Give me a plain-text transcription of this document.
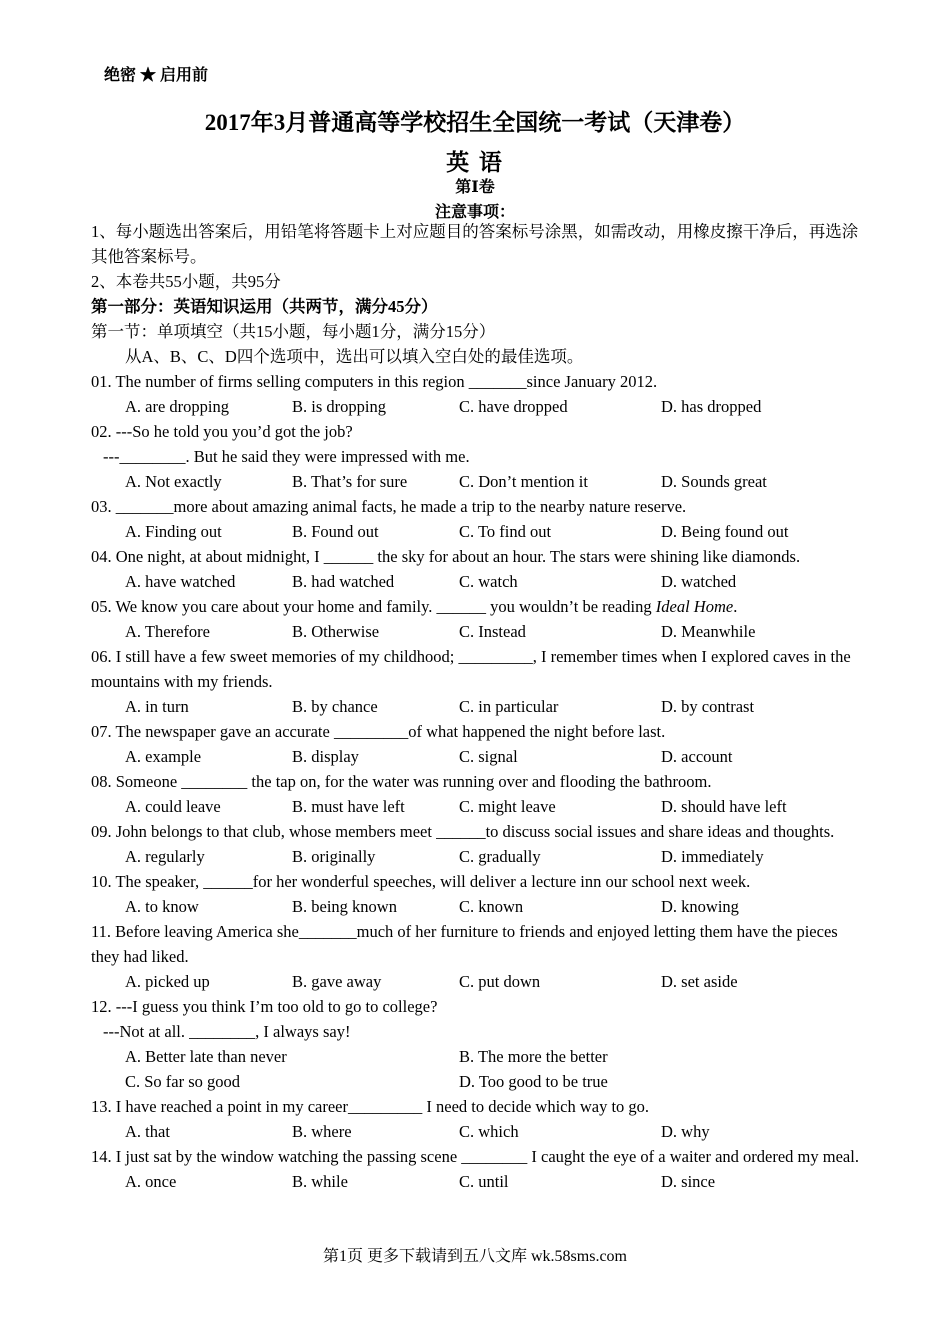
绝密 ★ 启用前
2017年3月普通高等学校招生全国统一考试（天津卷）
英 语
第Ⅰ卷
注意事项：
1、每小题选出答案后，用铅笔将答题卡上对应题目的答案标号涂黑，如需改动，用橡皮擦干净后，再选涂其他答案标号。
2、本卷共55小题，共95分
第一部分：英语知识运用（共两节，满分45分）
第一节：单项填空（共15小题，每小题1分，满分15分）
从A、B、C、D四个选项中，选出可以填入空白处的最佳选项。
01. The number of firms selling computers in this region _______since January 2012.
A. are dropping	B. is dropping	C. have dropped	D. has dropped
02. ---So he told you you’d got the job?
---________. But he said they were impressed with me.
A. Not exactly	B. That’s for sure	C. Don’t mention it	D. Sounds great
03. _______more about amazing animal facts, he made a trip to the nearby nature reserve.
A. Finding out	B. Found out	C. To find out	D. Being found out
04. One night, at about midnight, I ______ the sky for about an hour. The stars were shining like diamonds.
A. have watched	B. had watched	C. watch	D. watched
05. We know you care about your home and family. ______ you wouldn’t be reading Ideal Home.
A. Therefore	B. Otherwise	C. Instead	D. Meanwhile
06. I still have a few sweet memories of my childhood; _________, I remember times when I explored caves in the mountains with my friends.
A. in turn	B. by chance	C. in particular	D. by contrast
07. The newspaper gave an accurate _________of what happened the night before last.
A. example	B. display	C. signal	D. account
08. Someone ________ the tap on, for the water was running over and flooding the bathroom.
A. could leave	B. must have left	C. might leave	D. should have left
09. John belongs to that club, whose members meet ______to discuss social issues and share ideas and thoughts.
A. regularly	B. originally	C. gradually	D. immediately
10. The speaker, ______for her wonderful speeches, will deliver a lecture inn our school next week.
A. to know	B. being known	C. known	D. knowing
11. Before leaving America she_______much of her furniture to friends and enjoyed letting them have the pieces they had liked.
A. picked up	B. gave away	C. put down	D. set aside
12. ---I guess you think I’m too old to go to college?
---Not at all. ________, I always say!
A. Better late than never	B. The more the better
C. So far so good	D. Too good to be true
13. I have reached a point in my career_________ I need to decide which way to go.
A. that	B. where	C. which	D. why
14. I just sat by the window watching the passing scene ________ I caught the eye of a waiter and ordered my meal.
A. once	B. while	C. until	D. since
第1页 更多下载请到五八文库 wk.58sms.com
